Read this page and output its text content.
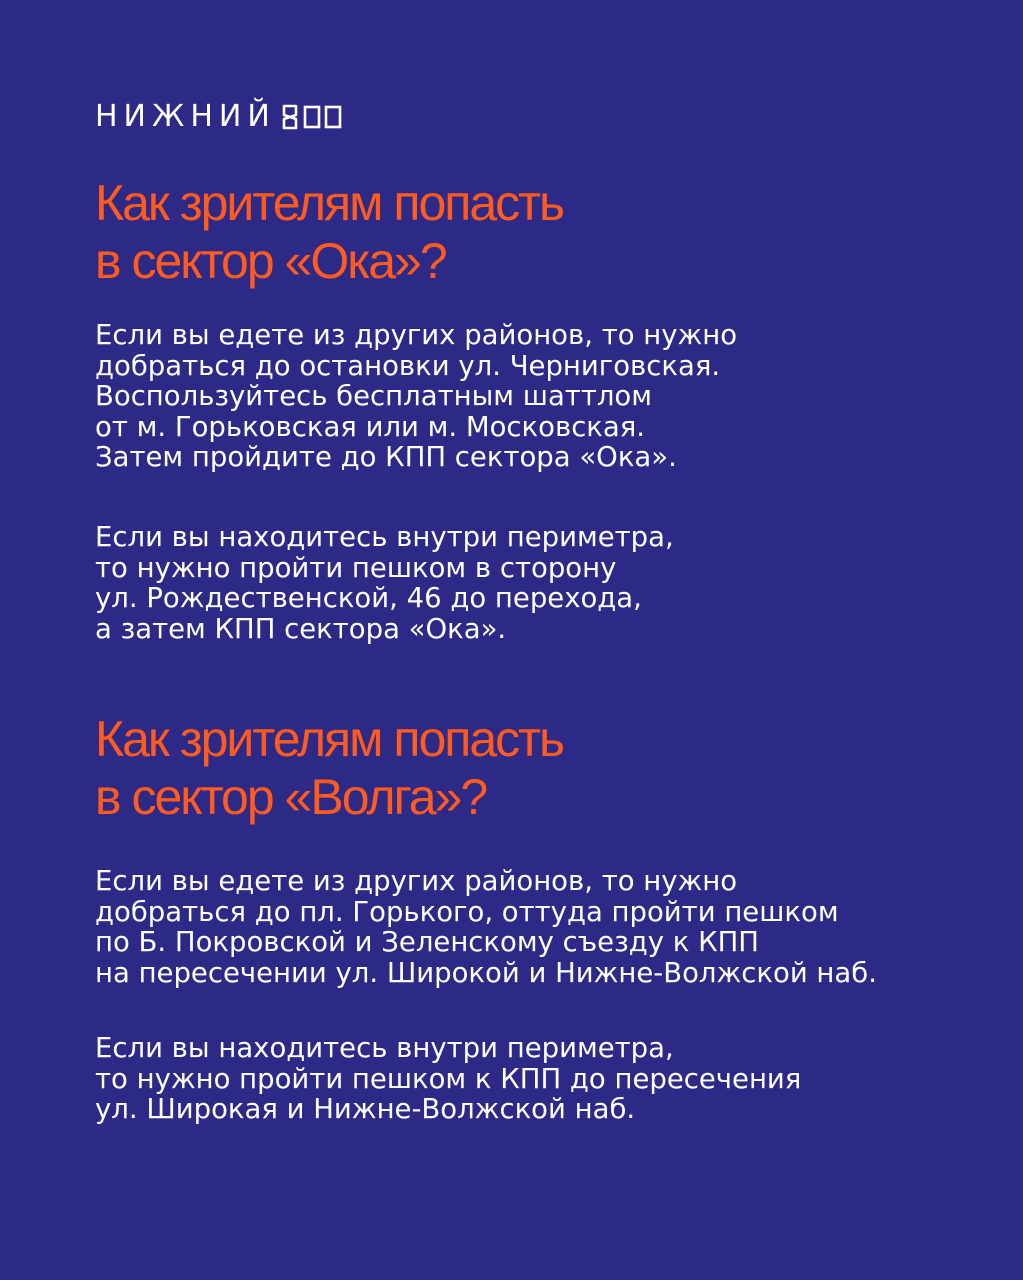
НИЖНИЙ
Как зрителям попасть
в сектор «Ока»?

Если вы едете из других районов, то нужно
добраться до остановки ул. Черниговская.
Воспользуйтесь бесплатным шаттлом
от м. Горьковская или м. Московская.
Затем пройдите до КПП сектора «Ока».

Если вы находитесь внутри периметра,
то нужно пройти пешком в сторону
ул. Рождественской, 46 до перехода,
а затем КПП сектора «Ока».

Как зрителям попасть
в сектор «Волга»?

Если вы едете из других районов, то нужно
добраться до пл. Горького, оттуда пройти пешком
по Б. Покровской и Зеленскому съезду к КПП
на пересечении ул. Широкой и Нижне-Волжской наб.

Если вы находитесь внутри периметра,
то нужно пройти пешком к КПП до пересечения
ул. Широкая и Нижне-Волжской наб.
